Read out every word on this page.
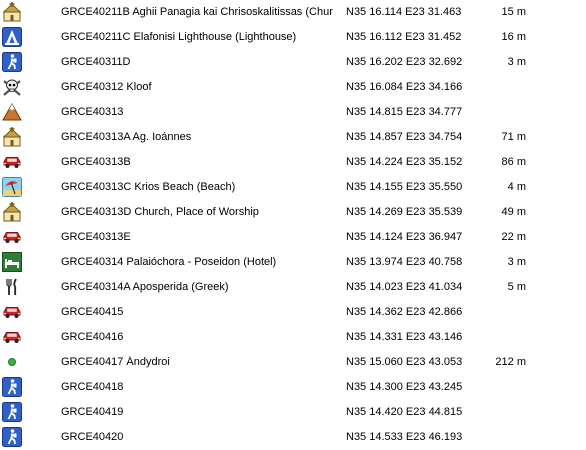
GRCE40211B Aghii Panagia kai Chrisoskalitissas (Chur	N35 16.114 E23 31.463	15 m
GRCE40211C Elafonisi Lighthouse (Lighthouse)	N35 16.112 E23 31.452	16 m
GRCE40311D	N35 16.202 E23 32.692	3 m
GRCE40312 Kloof	N35 16.084 E23 34.166
GRCE40313	N35 14.815 E23 34.777
GRCE40313A Ag. Ioánnes	N35 14.857 E23 34.754	71 m
GRCE40313B	N35 14.224 E23 35.152	86 m
GRCE40313C Krios Beach (Beach)	N35 14.155 E23 35.550	4 m
GRCE40313D Church, Place of Worship	N35 14.269 E23 35.539	49 m
GRCE40313E	N35 14.124 E23 36.947	22 m
GRCE40314 Palaióchora - Poseidon (Hotel)	N35 13.974 E23 40.758	3 m
GRCE40314A Aposperida (Greek)	N35 14.023 E23 41.034	5 m
GRCE40415	N35 14.362 E23 42.866
GRCE40416	N35 14.331 E23 43.146
GRCE40417 Ándydroi	N35 15.060 E23 43.053	212 m
GRCE40418	N35 14.300 E23 43.245
GRCE40419	N35 14.420 E23 44.815
GRCE40420	N35 14.533 E23 46.193
